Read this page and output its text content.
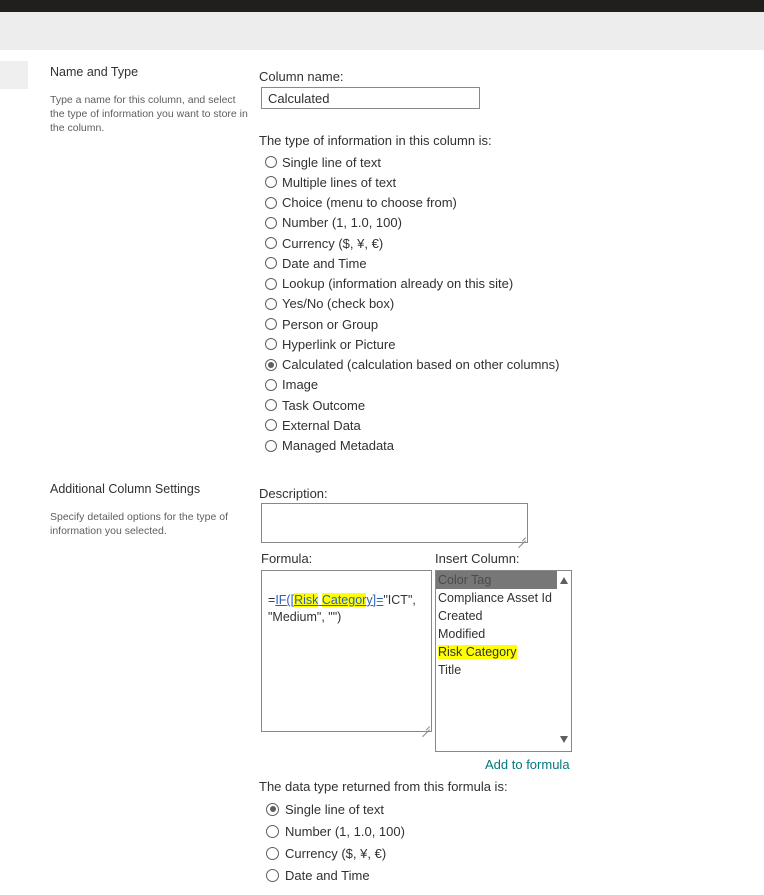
Name and Type
Type a name for this column, and select the type of information you want to store in the column.
Column name:
Calculated
The type of information in this column is:
Single line of text
Multiple lines of text
Choice (menu to choose from)
Number (1, 1.0, 100)
Currency ($, ¥, €)
Date and Time
Lookup (information already on this site)
Yes/No (check box)
Person or Group
Hyperlink or Picture
Calculated (calculation based on other columns)
Image
Task Outcome
External Data
Managed Metadata
Additional Column Settings
Specify detailed options for the type of information you selected.
Description:
Formula:
=IF([Risk Category]="ICT",
"Medium", "")
Insert Column:
Color Tag
Compliance Asset Id
Created
Modified
Risk Category
Title
Add to formula
The data type returned from this formula is:
Single line of text
Number (1, 1.0, 100)
Currency ($, ¥, €)
Date and Time
